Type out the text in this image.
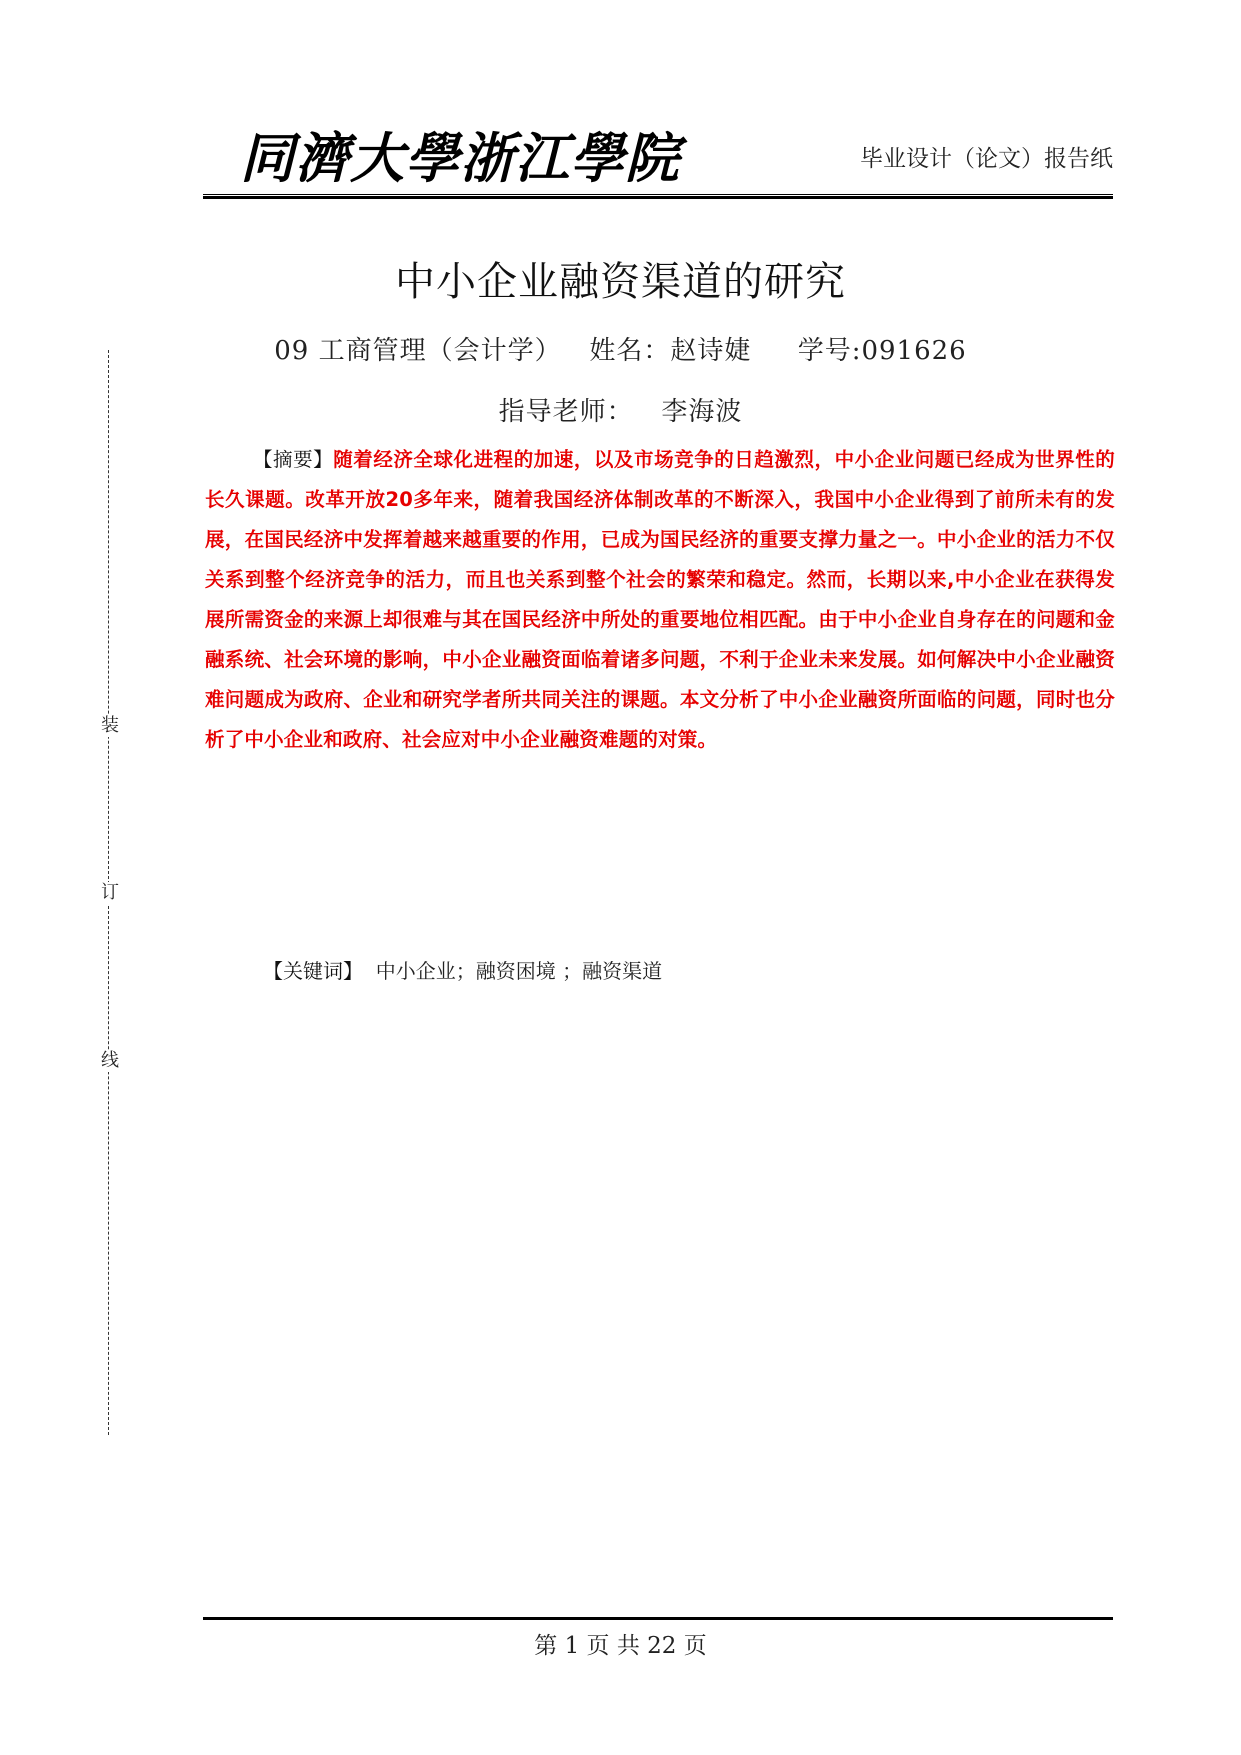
同濟大學浙江學院	毕业设计（论文）报告纸
装
订
线
中小企业融资渠道的研究
09 工商管理（会计学）   姓名：赵诗婕     学号:091626
指导老师：   李海波
【摘要】随着经济全球化进程的加速，以及市场竞争的日趋激烈，中小企业问题已经成为世界性的长久课题。改革开放20多年来，随着我国经济体制改革的不断深入，我国中小企业得到了前所未有的发展，在国民经济中发挥着越来越重要的作用，已成为国民经济的重要支撑力量之一。中小企业的活力不仅关系到整个经济竞争的活力，而且也关系到整个社会的繁荣和稳定。然而，长期以来,中小企业在获得发展所需资金的来源上却很难与其在国民经济中所处的重要地位相匹配。由于中小企业自身存在的问题和金融系统、社会环境的影响，中小企业融资面临着诸多问题，不利于企业未来发展。如何解决中小企业融资难问题成为政府、企业和研究学者所共同关注的课题。本文分析了中小企业融资所面临的问题，同时也分析了中小企业和政府、社会应对中小企业融资难题的对策。
【关键词】  中小企业；融资困境 ；融资渠道
第 1 页 共 22 页
